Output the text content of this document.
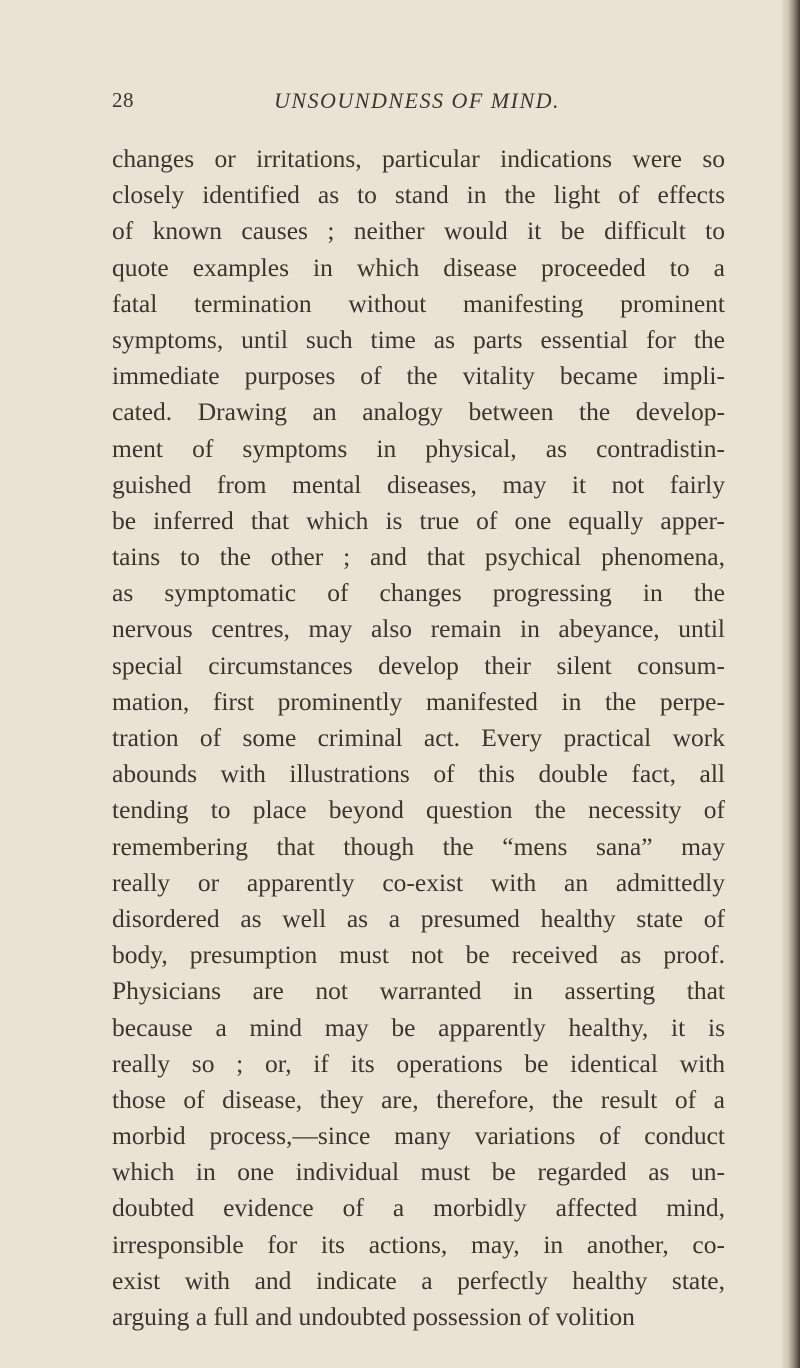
28	UNSOUNDNESS OF MIND.
changes or irritations, particular indications were so
closely identified as to stand in the light of effects
of known causes ; neither would it be difficult to
quote examples in which disease proceeded to a
fatal termination without manifesting prominent
symptoms, until such time as parts essential for the
immediate purposes of the vitality became impli-
cated. Drawing an analogy between the develop-
ment of symptoms in physical, as contradistin-
guished from mental diseases, may it not fairly
be inferred that which is true of one equally apper-
tains to the other ; and that psychical phenomena,
as symptomatic of changes progressing in the
nervous centres, may also remain in abeyance, until
special circumstances develop their silent consum-
mation, first prominently manifested in the perpe-
tration of some criminal act. Every practical work
abounds with illustrations of this double fact, all
tending to place beyond question the necessity of
remembering that though the “mens sana” may
really or apparently co-exist with an admittedly
disordered as well as a presumed healthy state of
body, presumption must not be received as proof.
Physicians are not warranted in asserting that
because a mind may be apparently healthy, it is
really so ; or, if its operations be identical with
those of disease, they are, therefore, the result of a
morbid process,—since many variations of conduct
which in one individual must be regarded as un-
doubted evidence of a morbidly affected mind,
irresponsible for its actions, may, in another, co-
exist with and indicate a perfectly healthy state,
arguing a full and undoubted possession of volition
